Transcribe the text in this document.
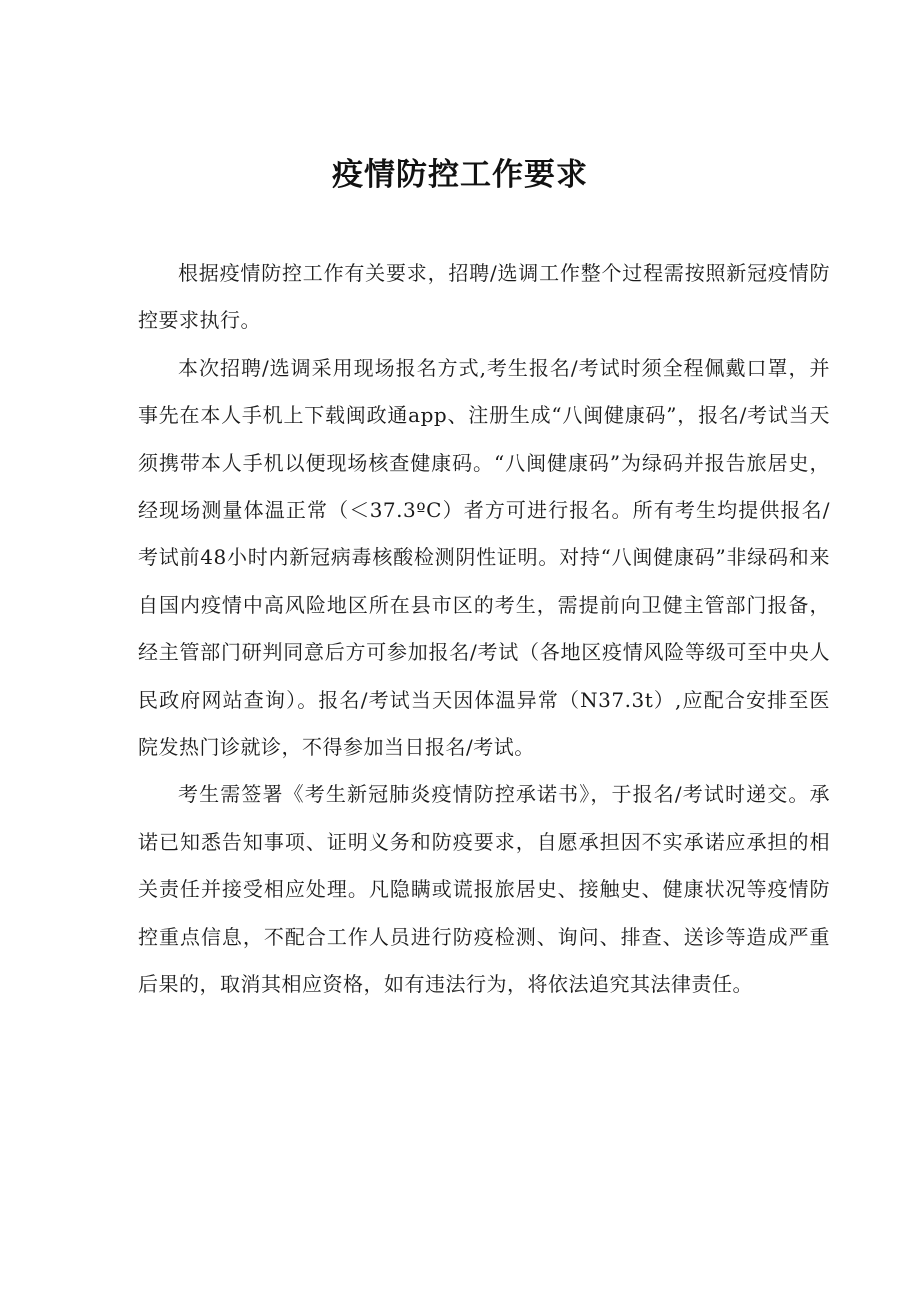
疫情防控工作要求

根据疫情防控工作有关要求，招聘/选调工作整个过程需按照新冠疫情防控要求执行。

本次招聘/选调采用现场报名方式,考生报名/考试时须全程佩戴口罩，并事先在本人手机上下载闽政通app、注册生成“八闽健康码”，报名/考试当天须携带本人手机以便现场核查健康码。“八闽健康码”为绿码并报告旅居史，经现场测量体温正常（＜37.3ºC）者方可进行报名。所有考生均提供报名/考试前48小时内新冠病毒核酸检测阴性证明。对持“八闽健康码”非绿码和来自国内疫情中高风险地区所在县市区的考生，需提前向卫健主管部门报备，经主管部门研判同意后方可参加报名/考试（各地区疫情风险等级可至中央人民政府网站查询）。报名/考试当天因体温异常（N37.3t）,应配合安排至医院发热门诊就诊，不得参加当日报名/考试。

考生需签署《考生新冠肺炎疫情防控承诺书》，于报名/考试时递交。承诺已知悉告知事项、证明义务和防疫要求，自愿承担因不实承诺应承担的相关责任并接受相应处理。凡隐瞒或谎报旅居史、接触史、健康状况等疫情防控重点信息，不配合工作人员进行防疫检测、询问、排查、送诊等造成严重后果的，取消其相应资格，如有违法行为，将依法追究其法律责任。
